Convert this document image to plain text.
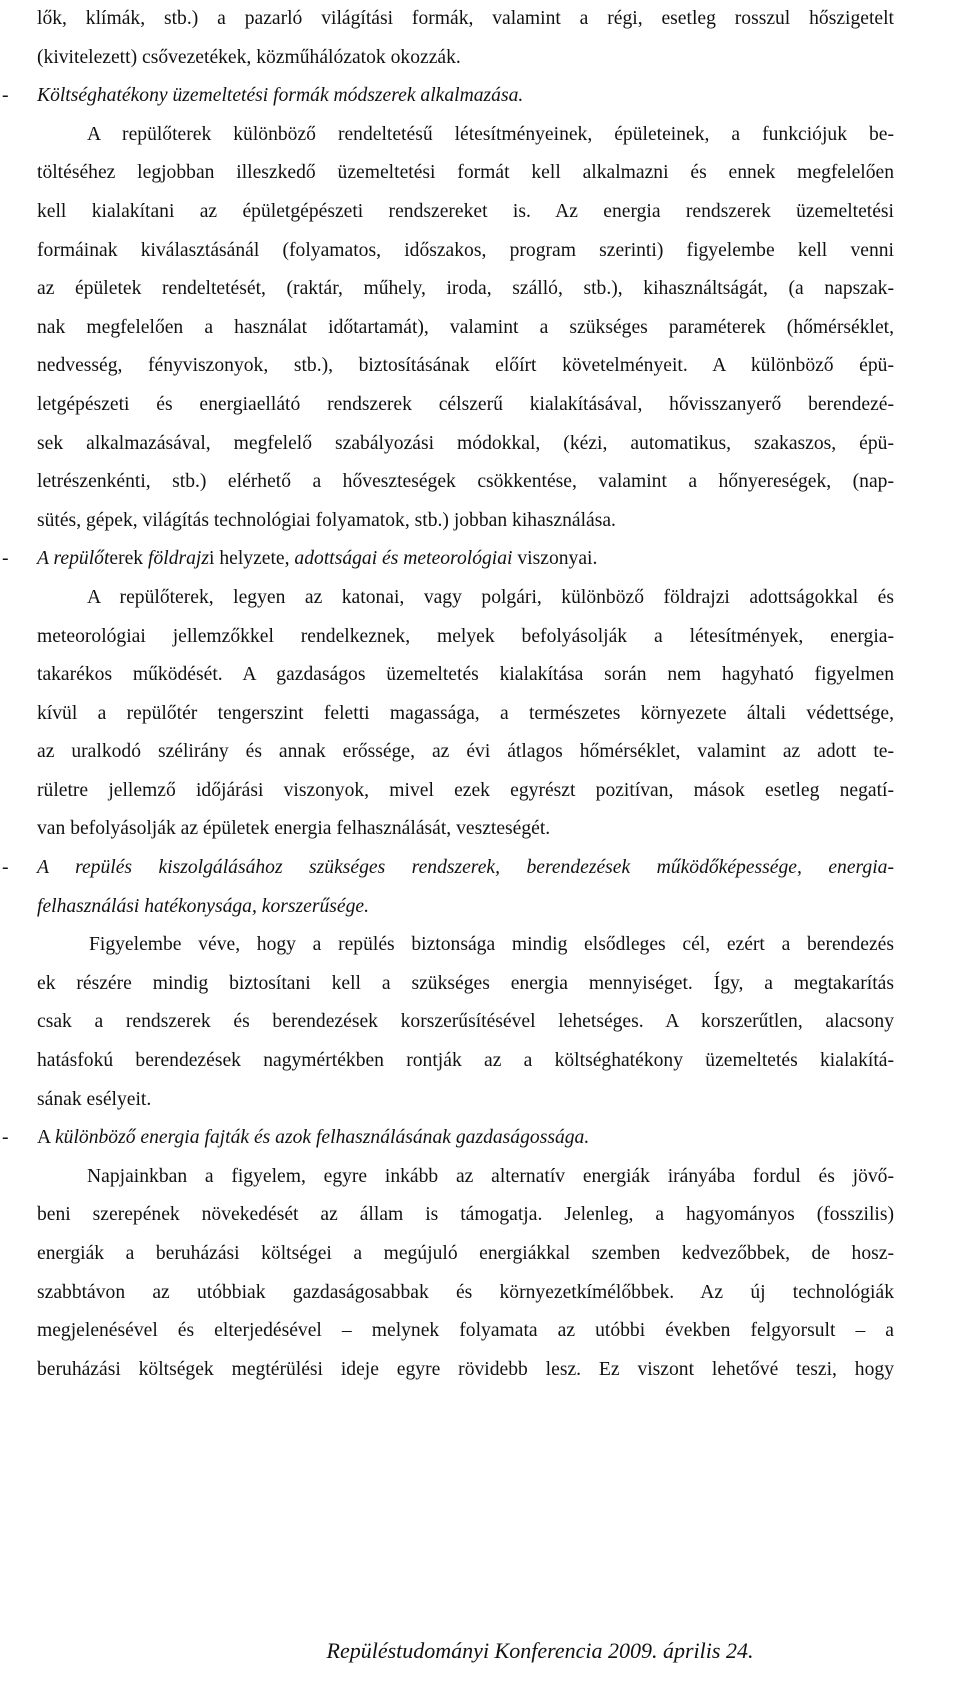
lők, klímák, stb.) a pazarló világítási formák, valamint a régi, esetleg rosszul hőszigetelt
(kivitelezett) csővezetékek, közműhálózatok okozzák.
- Költséghatékony üzemeltetési formák módszerek alkalmazása.
A repülőterek különböző rendeltetésű létesítményeinek, épületeinek, a funkciójuk be-
töltéséhez legjobban illeszkedő üzemeltetési formát kell alkalmazni és ennek megfelelően
kell kialakítani az épületgépészeti rendszereket is. Az energia rendszerek üzemeltetési
formáinak kiválasztásánál (folyamatos, időszakos, program szerinti) figyelembe kell venni
az épületek rendeltetését, (raktár, műhely, iroda, szálló, stb.), kihasználtságát, (a napszak-
nak megfelelően a használat időtartamát), valamint a szükséges paraméterek (hőmérséklet,
nedvesség, fényviszonyok, stb.), biztosításának előírt követelményeit. A különböző épü-
letgépészeti és energiaellátó rendszerek célszerű kialakításával, hővisszanyerő berendezé-
sek alkalmazásával, megfelelő szabályozási módokkal, (kézi, automatikus, szakaszos, épü-
letrészenkénti, stb.) elérhető a hőveszteségek csökkentése, valamint a hőnyereségek, (nap-
sütés, gépek, világítás technológiai folyamatok, stb.) jobban kihasználása.
- A repülőterek földrajzi helyzete, adottságai és meteorológiai viszonyai.
A repülőterek, legyen az katonai, vagy polgári, különböző földrajzi adottságokkal és
meteorológiai jellemzőkkel rendelkeznek, melyek befolyásolják a létesítmények, energia-
takarékos működését. A gazdaságos üzemeltetés kialakítása során nem hagyható figyelmen
kívül a repülőtér tengerszint feletti magassága, a természetes környezete általi védettsége,
az uralkodó szélirány és annak erőssége, az évi átlagos hőmérséklet, valamint az adott te-
rületre jellemző időjárási viszonyok, mivel ezek egyrészt pozitívan, mások esetleg negatí-
van befolyásolják az épületek energia felhasználását, veszteségét.
- A repülés kiszolgálásához szükséges rendszerek, berendezések működőképessége, energia-
felhasználási hatékonysága, korszerűsége.
Figyelembe véve, hogy a repülés biztonsága mindig elsődleges cél, ezért a berendezés
ek részére mindig biztosítani kell a szükséges energia mennyiséget. Így, a megtakarítás
csak a rendszerek és berendezések korszerűsítésével lehetséges. A korszerűtlen, alacsony
hatásfokú berendezések nagymértékben rontják az a költséghatékony üzemeltetés kialakítá-
sának esélyeit.
- A különböző energia fajták és azok felhasználásának gazdaságossága.
Napjainkban a figyelem, egyre inkább az alternatív energiák irányába fordul és jövő-
beni szerepének növekedését az állam is támogatja. Jelenleg, a hagyományos (fosszilis)
energiák a beruházási költségei a megújuló energiákkal szemben kedvezőbbek, de hosz-
szabbtávon az utóbbiak gazdaságosabbak és környezetkímélőbbek. Az új technológiák
megjelenésével és elterjedésével – melynek folyamata az utóbbi években felgyorsult – a
beruházási költségek megtérülési ideje egyre rövidebb lesz. Ez viszont lehetővé teszi, hogy
Repüléstudományi Konferencia 2009. április 24.
